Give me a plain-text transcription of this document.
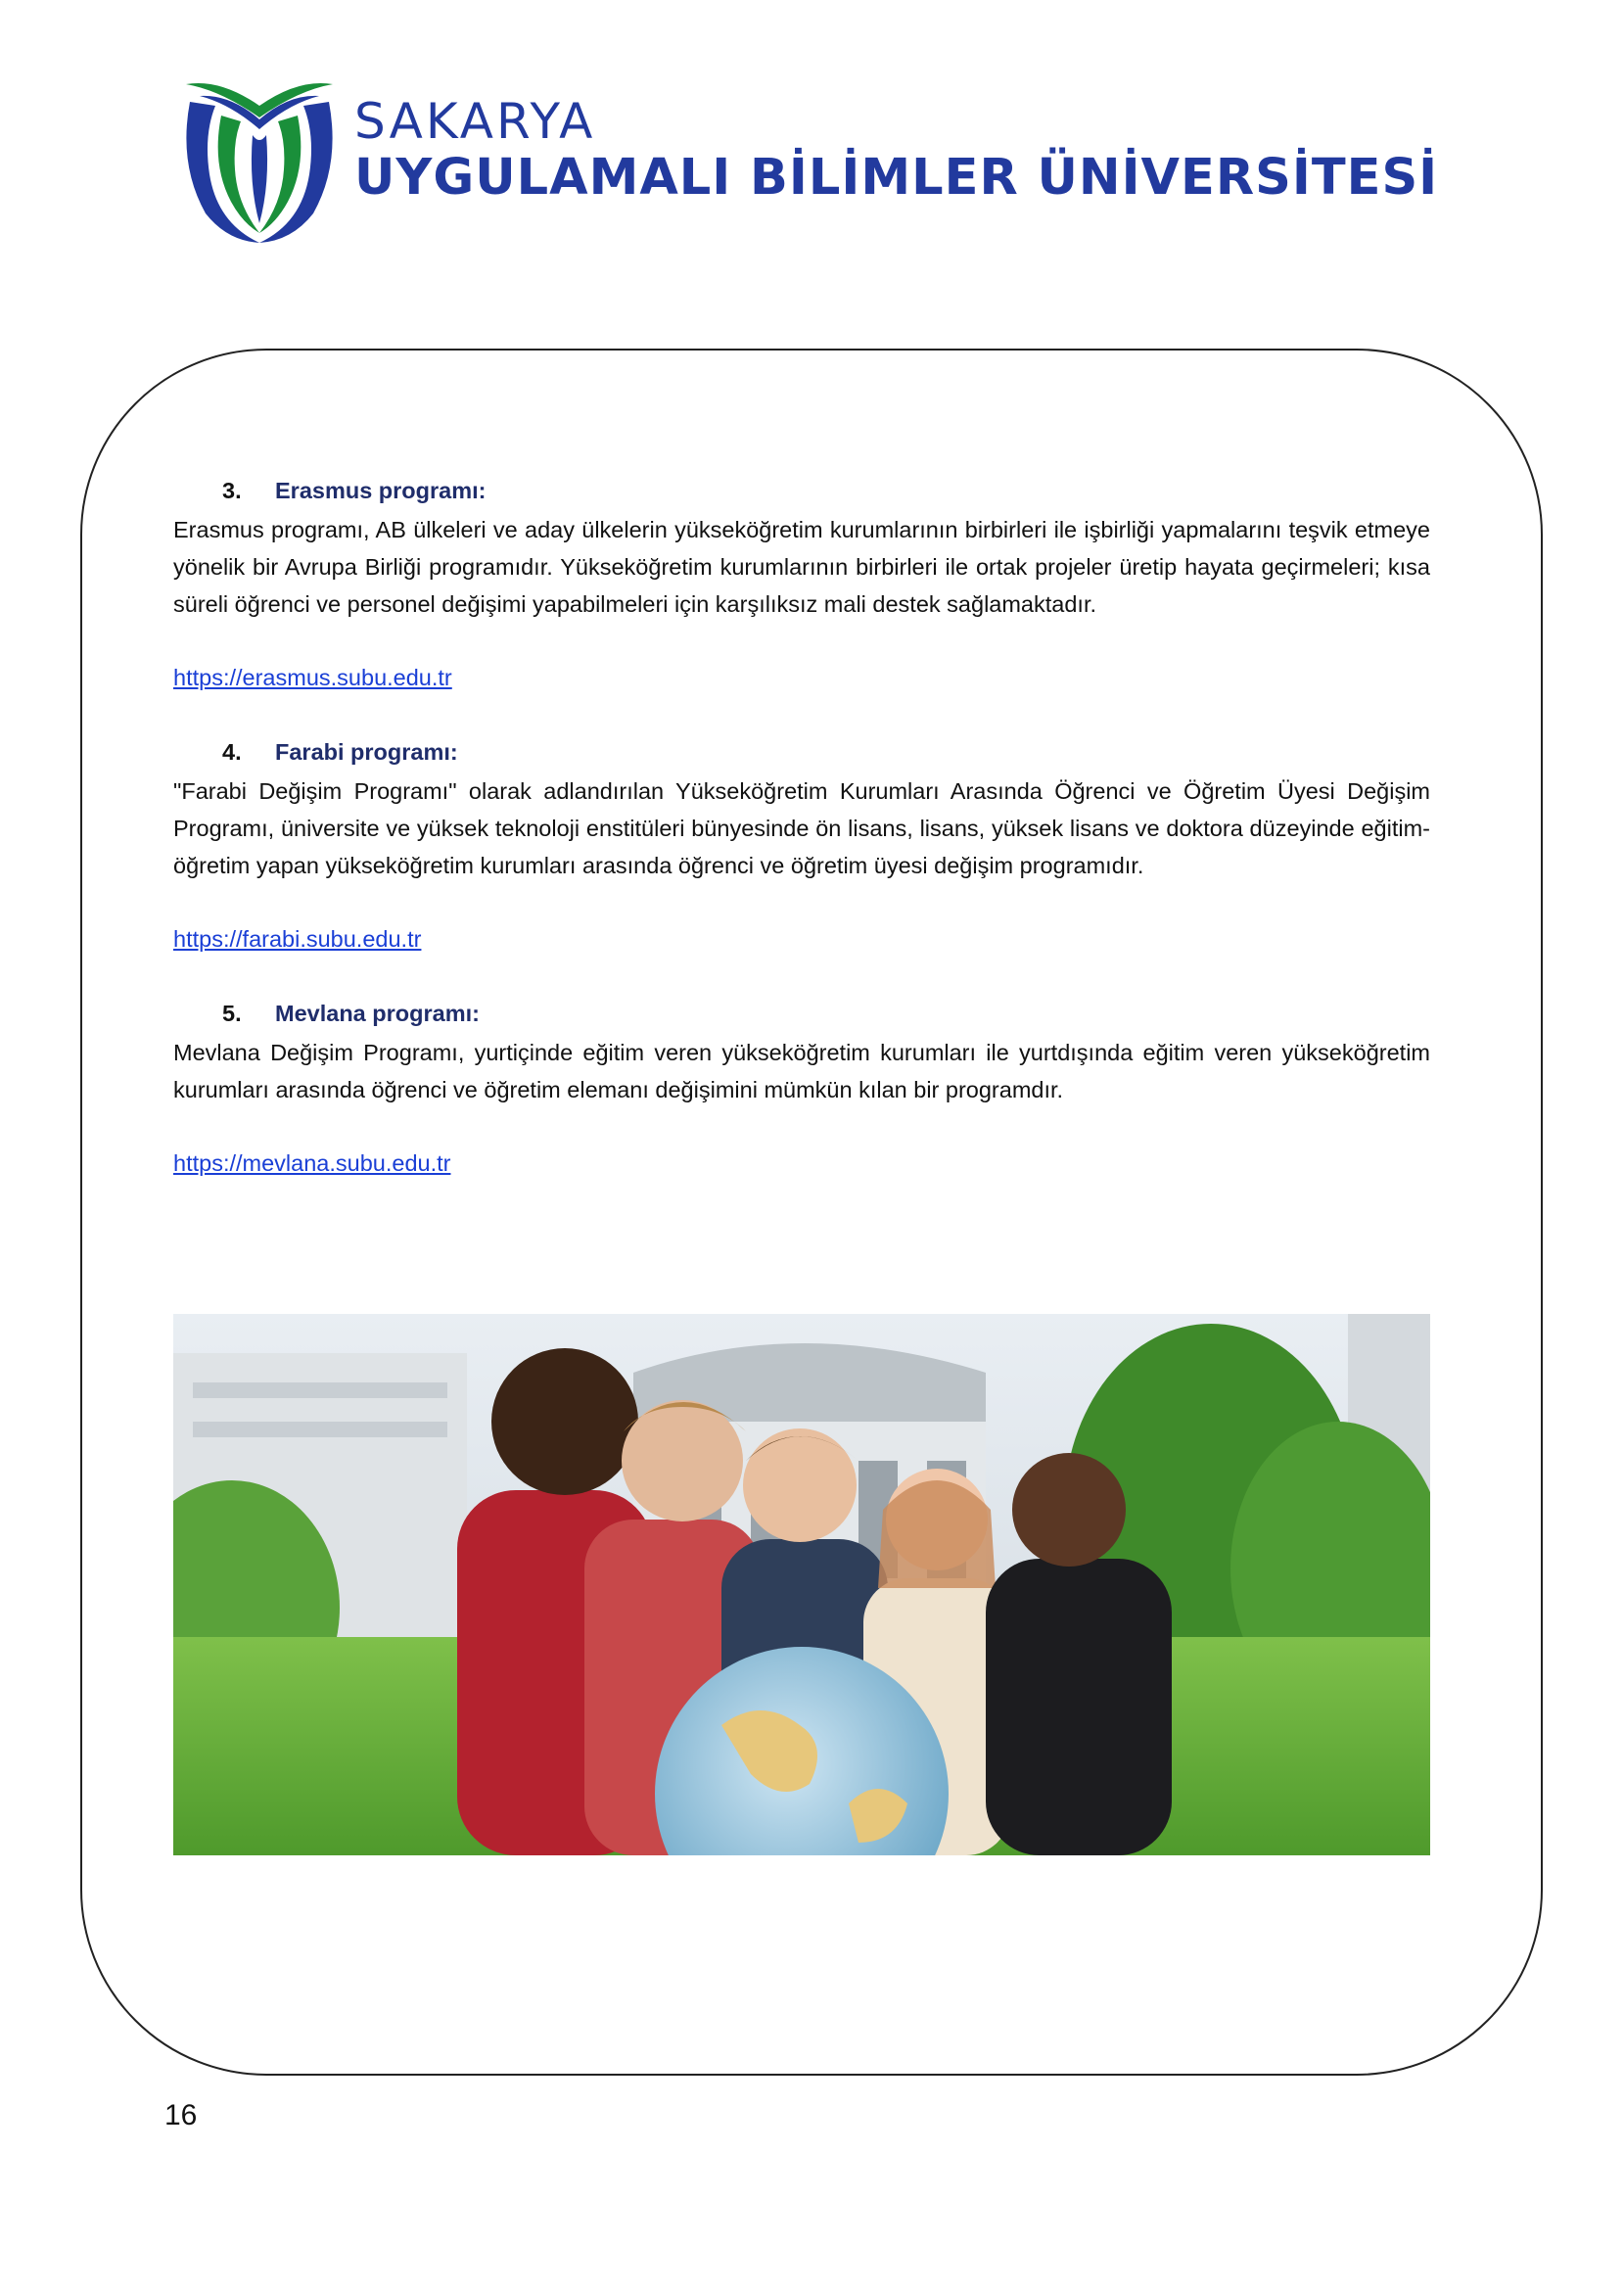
SAKARYA
UYGULAMALI BİLİMLER ÜNİVERSİTESİ
3.	Erasmus programı:

Erasmus programı, AB ülkeleri ve aday ülkelerin yükseköğretim kurumlarının birbirleri ile işbirliği yapmalarını teşvik etmeye yönelik bir Avrupa Birliği programıdır. Yükseköğretim kurumlarının birbirleri ile ortak projeler üretip hayata geçirmeleri; kısa süreli öğrenci ve personel değişimi yapabilmeleri için karşılıksız mali destek sağlamaktadır.

https://erasmus.subu.edu.tr
4.	Farabi programı:

"Farabi Değişim Programı" olarak adlandırılan Yükseköğretim Kurumları Arasında Öğrenci ve Öğretim Üyesi Değişim Programı, üniversite ve yüksek teknoloji enstitüleri bünyesinde ön lisans, lisans, yüksek lisans ve doktora düzeyinde eğitim- öğretim yapan yükseköğretim kurumları arasında öğrenci ve öğretim üyesi değişim programıdır.

https://farabi.subu.edu.tr
5.	Mevlana programı:

Mevlana Değişim Programı, yurtiçinde eğitim veren yükseköğretim kurumları ile yurtdışında eğitim veren yükseköğretim kurumları arasında öğrenci ve öğretim elemanı değişimini mümkün kılan bir programdır.

https://mevlana.subu.edu.tr
16
